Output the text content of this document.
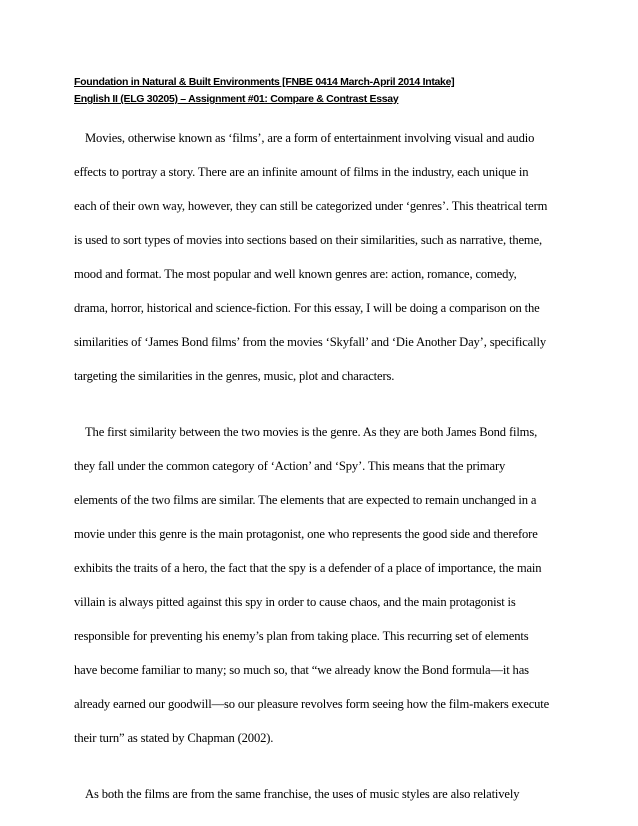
Foundation in Natural & Built Environments [FNBE 0414 March-April 2014 Intake]
English II (ELG 30205) – Assignment #01: Compare & Contrast Essay
Movies, otherwise known as ‘films’, are a form of entertainment involving visual and audio
effects to portray a story. There are an infinite amount of films in the industry, each unique in
each of their own way, however, they can still be categorized under ‘genres’. This theatrical term
is used to sort types of movies into sections based on their similarities, such as narrative, theme,
mood and format. The most popular and well known genres are: action, romance, comedy,
drama, horror, historical and science-fiction. For this essay, I will be doing a comparison on the
similarities of ‘James Bond films’ from the movies ‘Skyfall’ and ‘Die Another Day’, specifically
targeting the similarities in the genres, music, plot and characters.
The first similarity between the two movies is the genre. As they are both James Bond films,
they fall under the common category of ‘Action’ and ‘Spy’. This means that the primary
elements of the two films are similar. The elements that are expected to remain unchanged in a
movie under this genre is the main protagonist, one who represents the good side and therefore
exhibits the traits of a hero, the fact that the spy is a defender of a place of importance, the main
villain is always pitted against this spy in order to cause chaos, and the main protagonist is
responsible for preventing his enemy’s plan from taking place. This recurring set of elements
have become familiar to many; so much so, that “we already know the Bond formula—it has
already earned our goodwill—so our pleasure revolves form seeing how the film-makers execute
their turn” as stated by Chapman (2002).
As both the films are from the same franchise, the uses of music styles are also relatively
